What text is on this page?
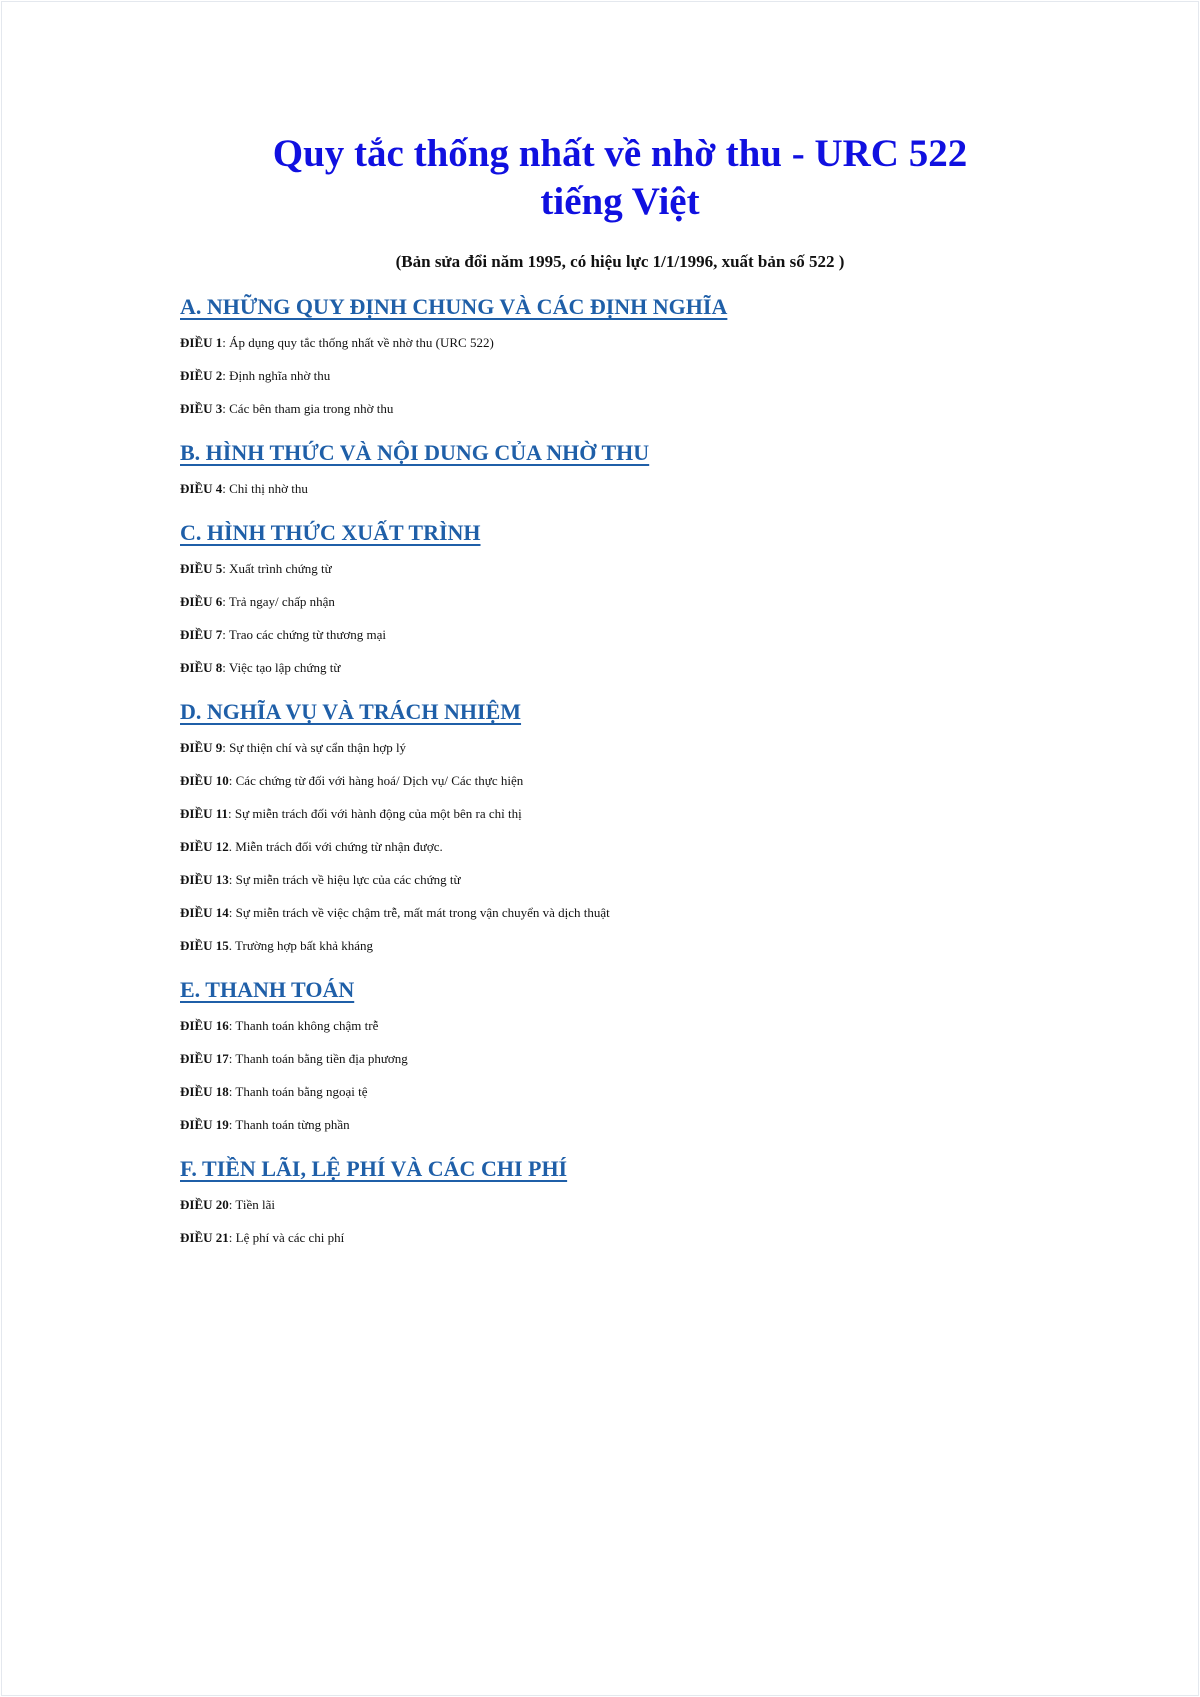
Quy tắc thống nhất về nhờ thu - URC 522
tiếng Việt
(Bản sửa đổi năm 1995, có hiệu lực 1/1/1996, xuất bản số 522 )
A. NHỮNG QUY ĐỊNH CHUNG VÀ CÁC ĐỊNH NGHĨA

ĐIỀU 1: Áp dụng quy tắc thống nhất về nhờ thu (URC 522)

ĐIỀU 2: Định nghĩa nhờ thu

ĐIỀU 3: Các bên tham gia trong nhờ thu

B. HÌNH THỨC VÀ NỘI DUNG CỦA NHỜ THU

ĐIỀU 4: Chỉ thị nhờ thu

C. HÌNH THỨC XUẤT TRÌNH

ĐIỀU 5: Xuất trình chứng từ

ĐIỀU 6: Trả ngay/ chấp nhận

ĐIỀU 7: Trao các chứng từ thương mại

ĐIỀU 8: Việc tạo lập chứng từ

D. NGHĨA VỤ VÀ TRÁCH NHIỆM

ĐIỀU 9: Sự thiện chí và sự cẩn thận hợp lý

ĐIỀU 10: Các chứng từ đối với hàng hoá/ Dịch vụ/ Các thực hiện

ĐIỀU 11: Sự miễn trách đối với hành động của một bên ra chỉ thị

ĐIỀU 12. Miễn trách đối với chứng từ nhận được.

ĐIỀU 13: Sự miễn trách về hiệu lực của các chứng từ

ĐIỀU 14: Sự miễn trách về việc chậm trễ, mất mát trong vận chuyển và dịch thuật

ĐIỀU 15. Trường hợp bất khả kháng

E. THANH TOÁN

ĐIỀU 16: Thanh toán không chậm trễ

ĐIỀU 17: Thanh toán bằng tiền địa phương

ĐIỀU 18: Thanh toán bằng ngoại tệ

ĐIỀU 19: Thanh toán từng phần

F. TIỀN LÃI, LỆ PHÍ VÀ CÁC CHI PHÍ

ĐIỀU 20: Tiền lãi

ĐIỀU 21: Lệ phí và các chi phí
